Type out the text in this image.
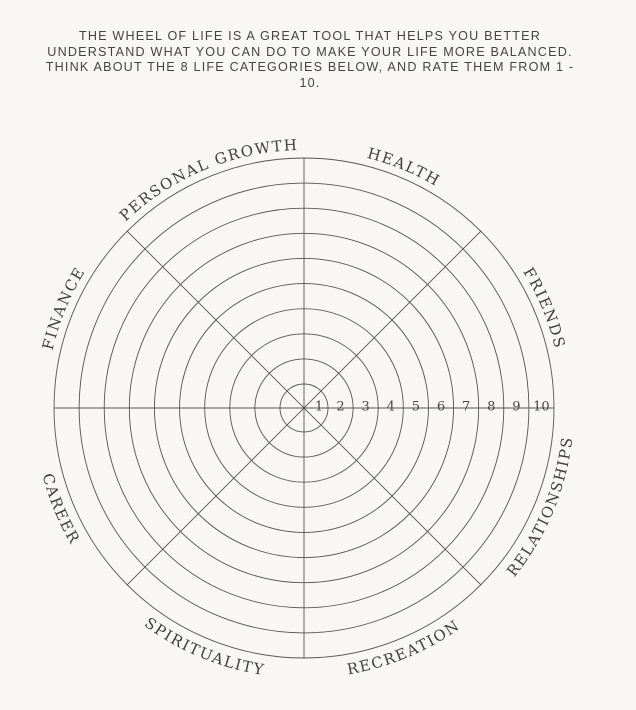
THE WHEEL OF LIFE IS A GREAT TOOL THAT HELPS YOU BETTER UNDERSTAND WHAT YOU CAN DO TO MAKE YOUR LIFE MORE BALANCED. THINK ABOUT THE 8 LIFE CATEGORIES BELOW, AND RATE THEM FROM 1 - 10.

1 2 3 4 5 6 7 8 9 10
HEALTH
FRIENDS
RELATIONSHIPS
RECREATION
SPIRITUALITY
CAREER
FINANCE
PERSONAL GROWTH
